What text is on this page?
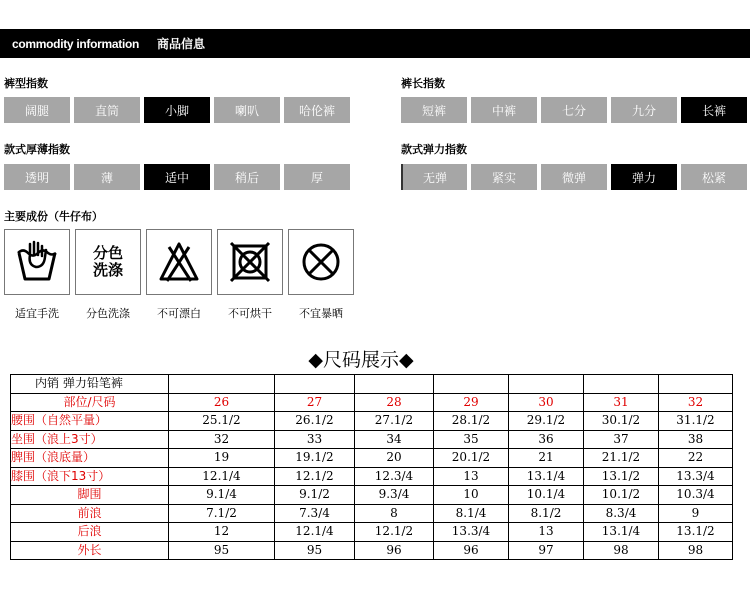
commodity information 商品信息
裤型指数
阔腿	直筒	小脚	喇叭	哈伦裤
裤长指数
短裤	中裤	七分	九分	长裤
款式厚薄指数
透明	薄	适中	稍后	厚
款式弹力指数
无弹	紧实	微弹	弹力	松紧
主要成份（牛仔布）
适宜手洗
分色
洗涤
分色洗涤 不可漂白 不可烘干 不宜暴晒
◆尺码展示◆
内销 弹力铅笔裤							
部位/尺码	26	27	28	29	30	31	32
腰围（自然平量）	25.1/2	26.1/2	27.1/2	28.1/2	29.1/2	30.1/2	31.1/2
坐围（浪上3寸）	32	33	34	35	36	37	38
脾围（浪底量）	19	19.1/2	20	20.1/2	21	21.1/2	22
膝围（浪下13寸）	12.1/4	12.1/2	12.3/4	13	13.1/4	13.1/2	13.3/4
脚围	9.1/4	9.1/2	9.3/4	10	10.1/4	10.1/2	10.3/4
前浪	7.1/2	7.3/4	8	8.1/4	8.1/2	8.3/4	9
后浪	12	12.1/4	12.1/2	13.3/4	13	13.1/4	13.1/2
外长	95	95	96	96	97	98	98
